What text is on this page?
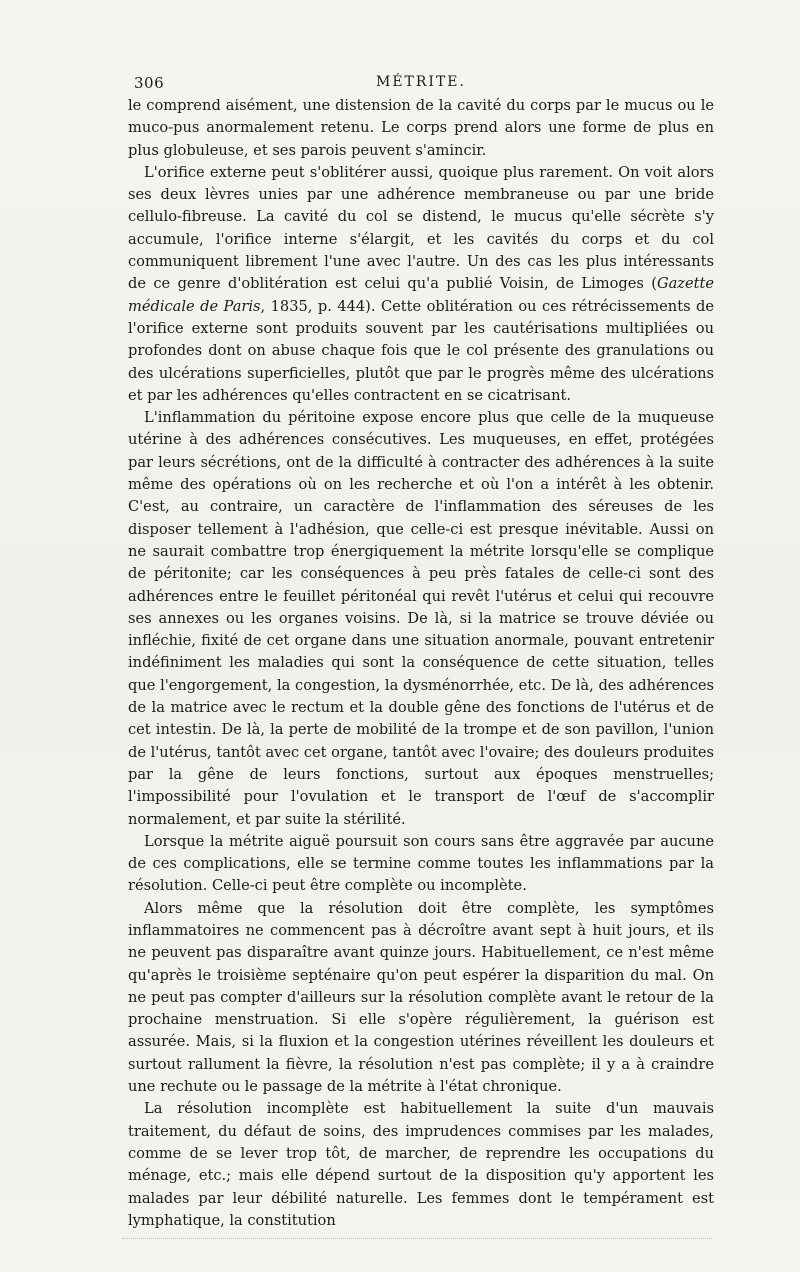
306	MÉTRITE.

le comprend aisément, une distension de la cavité du corps par le mucus ou le muco-pus anormalement retenu. Le corps prend alors une forme de plus en plus globuleuse, et ses parois peuvent s'amincir.

L'orifice externe peut s'oblitérer aussi, quoique plus rarement. On voit alors ses deux lèvres unies par une adhérence membraneuse ou par une bride cellulo-fibreuse. La cavité du col se distend, le mucus qu'elle sécrète s'y accumule, l'orifice interne s'élargit, et les cavités du corps et du col communiquent librement l'une avec l'autre. Un des cas les plus intéressants de ce genre d'oblitération est celui qu'a publié Voisin, de Limoges (Gazette médicale de Paris, 1835, p. 444). Cette oblitération ou ces rétrécissements de l'orifice externe sont produits souvent par les cautérisations multipliées ou profondes dont on abuse chaque fois que le col présente des granulations ou des ulcérations superficielles, plutôt que par le progrès même des ulcérations et par les adhérences qu'elles contractent en se cicatrisant.

L'inflammation du péritoine expose encore plus que celle de la muqueuse utérine à des adhérences consécutives. Les muqueuses, en effet, protégées par leurs sécrétions, ont de la difficulté à contracter des adhérences à la suite même des opérations où on les recherche et où l'on a intérêt à les obtenir. C'est, au contraire, un caractère de l'inflammation des séreuses de les disposer tellement à l'adhésion, que celle-ci est presque inévitable. Aussi on ne saurait combattre trop énergiquement la métrite lorsqu'elle se complique de péritonite; car les conséquences à peu près fatales de celle-ci sont des adhérences entre le feuillet péritonéal qui revêt l'utérus et celui qui recouvre ses annexes ou les organes voisins. De là, si la matrice se trouve déviée ou infléchie, fixité de cet organe dans une situation anormale, pouvant entretenir indéfiniment les maladies qui sont la conséquence de cette situation, telles que l'engorgement, la congestion, la dysménorrhée, etc. De là, des adhérences de la matrice avec le rectum et la double gêne des fonctions de l'utérus et de cet intestin. De là, la perte de mobilité de la trompe et de son pavillon, l'union de l'utérus, tantôt avec cet organe, tantôt avec l'ovaire; des douleurs produites par la gêne de leurs fonctions, surtout aux époques menstruelles; l'impossibilité pour l'ovulation et le transport de l'œuf de s'accomplir normalement, et par suite la stérilité.

Lorsque la métrite aiguë poursuit son cours sans être aggravée par aucune de ces complications, elle se termine comme toutes les inflammations par la résolution. Celle-ci peut être complète ou incomplète.

Alors même que la résolution doit être complète, les symptômes inflammatoires ne commencent pas à décroître avant sept à huit jours, et ils ne peuvent pas disparaître avant quinze jours. Habituellement, ce n'est même qu'après le troisième septénaire qu'on peut espérer la disparition du mal. On ne peut pas compter d'ailleurs sur la résolution complète avant le retour de la prochaine menstruation. Si elle s'opère régulièrement, la guérison est assurée. Mais, si la fluxion et la congestion utérines réveillent les douleurs et surtout rallument la fièvre, la résolution n'est pas complète; il y a à craindre une rechute ou le passage de la métrite à l'état chronique.

La résolution incomplète est habituellement la suite d'un mauvais traitement, du défaut de soins, des imprudences commises par les malades, comme de se lever trop tôt, de marcher, de reprendre les occupations du ménage, etc.; mais elle dépend surtout de la disposition qu'y apportent les malades par leur débilité naturelle. Les femmes dont le tempérament est lymphatique, la constitution
